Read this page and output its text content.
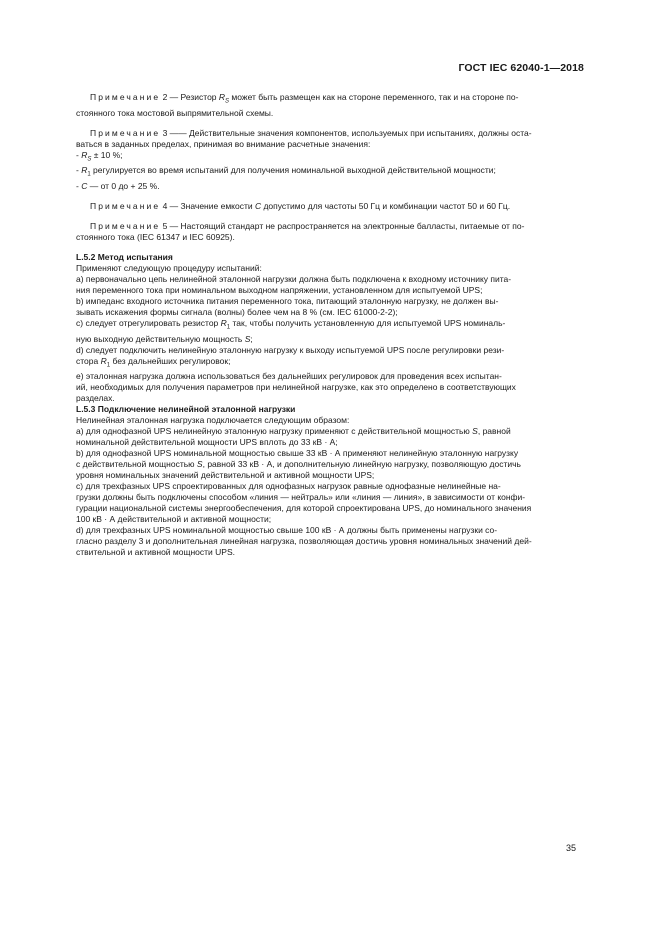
ГОСТ IEC 62040-1—2018

Примечание 2 — Резистор $R_S$ может быть размещен как на стороне переменного, так и на стороне по-

стоянного тока мостовой выпрямительной схемы.

Примечание 3 —— Действительные значения компонентов, используемых при испытаниях, должны оста-

ваться в заданных пределах, принимая во внимание расчетные значения:

- $R_S \pm 10$ %;

- $R_1$ регулируется во время испытаний для получения номинальной выходной действительной мощности;

- C — от 0 до + 25 %.

Примечание 4 — Значение емкости C допустимо для частоты 50 Гц и комбинации частот 50 и 60 Гц.

Примечание 5 — Настоящий стандарт не распространяется на электронные балласты, питаемые от по-

стоянного тока (IEC 61347 и IEC 60925).

L.5.2 Метод испытания

Применяют следующую процедуру испытаний:

а) первоначально цепь нелинейной эталонной нагрузки должна быть подключена к входному источнику пита-

ния переменного тока при номинальном выходном напряжении, установленном для испытуемой UPS;

b) импеданс входного источника питания переменного тока, питающий эталонную нагрузку, не должен вы-

зывать искажения формы сигнала (волны) более чем на 8 % (см. IEC 61000-2-2);

c) следует отрегулировать резистор $R_1$ так, чтобы получить установленную для испытуемой UPS номиналь-

ную выходную действительную мощность S;

d) следует подключить нелинейную эталонную нагрузку к выходу испытуемой UPS после регулировки рези-

стора $R_1$ без дальнейших регулировок;

e) эталонная нагрузка должна использоваться без дальнейших регулировок для проведения всех испытан-

ий, необходимых для получения параметров при нелинейной нагрузке, как это определено в соответствующих

разделах.

L.5.3 Подключение нелинейной эталонной нагрузки

Нелинейная эталонная нагрузка подключается следующим образом:

а) для однофазной UPS нелинейную эталонную нагрузку применяют с действительной мощностью S, равной

номинальной действительной мощности UPS вплоть до 33 кВ · А;

b) для однофазной UPS номинальной мощностью свыше 33 кВ · А применяют нелинейную эталонную нагрузку

с действительной мощностью S, равной 33 кВ · А, и дополнительную линейную нагрузку, позволяющую достичь

уровня номинальных значений действительной и активной мощности UPS;

c) для трехфазных UPS спроектированных для однофазных нагрузок равные однофазные нелинейные на-

грузки должны быть подключены способом «линия — нейтраль» или «линия — линия», в зависимости от конфи-

гурации национальной системы энергообеспечения, для которой спроектирована UPS, до номинального значения

100 кВ · А действительной и активной мощности;

d) для трехфазных UPS номинальной мощностью свыше 100 кВ · А должны быть применены нагрузки со-

гласно разделу 3 и дополнительная линейная нагрузка, позволяющая достичь уровня номинальных значений дей-

ствительной и активной мощности UPS.

35
